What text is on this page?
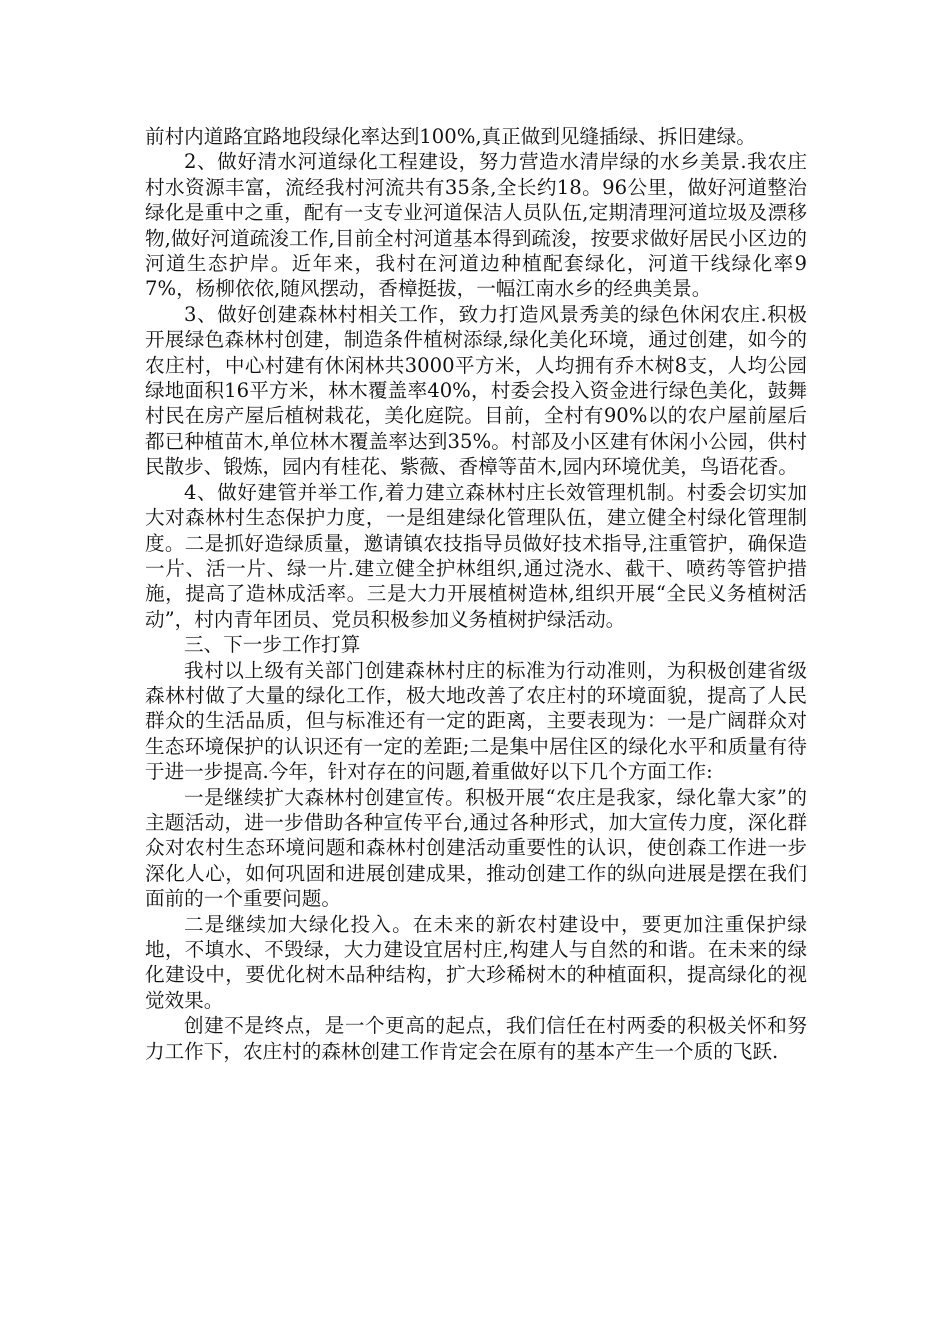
前村内道路宜路地段绿化率达到100%,真正做到见缝插绿、拆旧建绿。

2、做好清水河道绿化工程建设，努力营造水清岸绿的水乡美景.我农庄村水资源丰富，流经我村河流共有35条,全长约18。96公里，做好河道整治绿化是重中之重，配有一支专业河道保洁人员队伍,定期清理河道垃圾及漂移物,做好河道疏浚工作,目前全村河道基本得到疏浚，按要求做好居民小区边的河道生态护岸。近年来，我村在河道边种植配套绿化，河道干线绿化率97%，杨柳依依,随风摆动，香樟挺拔，一幅江南水乡的经典美景。

3、做好创建森林村相关工作，致力打造风景秀美的绿色休闲农庄.积极开展绿色森林村创建，制造条件植树添绿,绿化美化环境，通过创建，如今的农庄村，中心村建有休闲林共3000平方米，人均拥有乔木树8支，人均公园绿地面积16平方米，林木覆盖率40%，村委会投入资金进行绿色美化，鼓舞村民在房产屋后植树栽花，美化庭院。目前，全村有90%以的农户屋前屋后都已种植苗木,单位林木覆盖率达到35%。村部及小区建有休闲小公园，供村民散步、锻炼，园内有桂花、紫薇、香樟等苗木,园内环境优美，鸟语花香。

4、做好建管并举工作,着力建立森林村庄长效管理机制。村委会切实加大对森林村生态保护力度，一是组建绿化管理队伍，建立健全村绿化管理制度。二是抓好造绿质量，邀请镇农技指导员做好技术指导,注重管护，确保造一片、活一片、绿一片.建立健全护林组织,通过浇水、截干、喷药等管护措施，提高了造林成活率。三是大力开展植树造林,组织开展“全民义务植树活动”，村内青年团员、党员积极参加义务植树护绿活动。

三、下一步工作打算

我村以上级有关部门创建森林村庄的标准为行动准则，为积极创建省级森林村做了大量的绿化工作，极大地改善了农庄村的环境面貌，提高了人民群众的生活品质，但与标准还有一定的距离，主要表现为：一是广阔群众对生态环境保护的认识还有一定的差距;二是集中居住区的绿化水平和质量有待于进一步提高.今年，针对存在的问题,着重做好以下几个方面工作:

一是继续扩大森林村创建宣传。积极开展“农庄是我家，绿化靠大家”的主题活动，进一步借助各种宣传平台,通过各种形式，加大宣传力度，深化群众对农村生态环境问题和森林村创建活动重要性的认识，使创森工作进一步深化人心，如何巩固和进展创建成果，推动创建工作的纵向进展是摆在我们面前的一个重要问题。

二是继续加大绿化投入。在未来的新农村建设中，要更加注重保护绿地，不填水、不毁绿，大力建设宜居村庄,构建人与自然的和谐。在未来的绿化建设中，要优化树木品种结构，扩大珍稀树木的种植面积，提高绿化的视觉效果。

创建不是终点，是一个更高的起点，我们信任在村两委的积极关怀和努力工作下，农庄村的森林创建工作肯定会在原有的基本产生一个质的飞跃.
